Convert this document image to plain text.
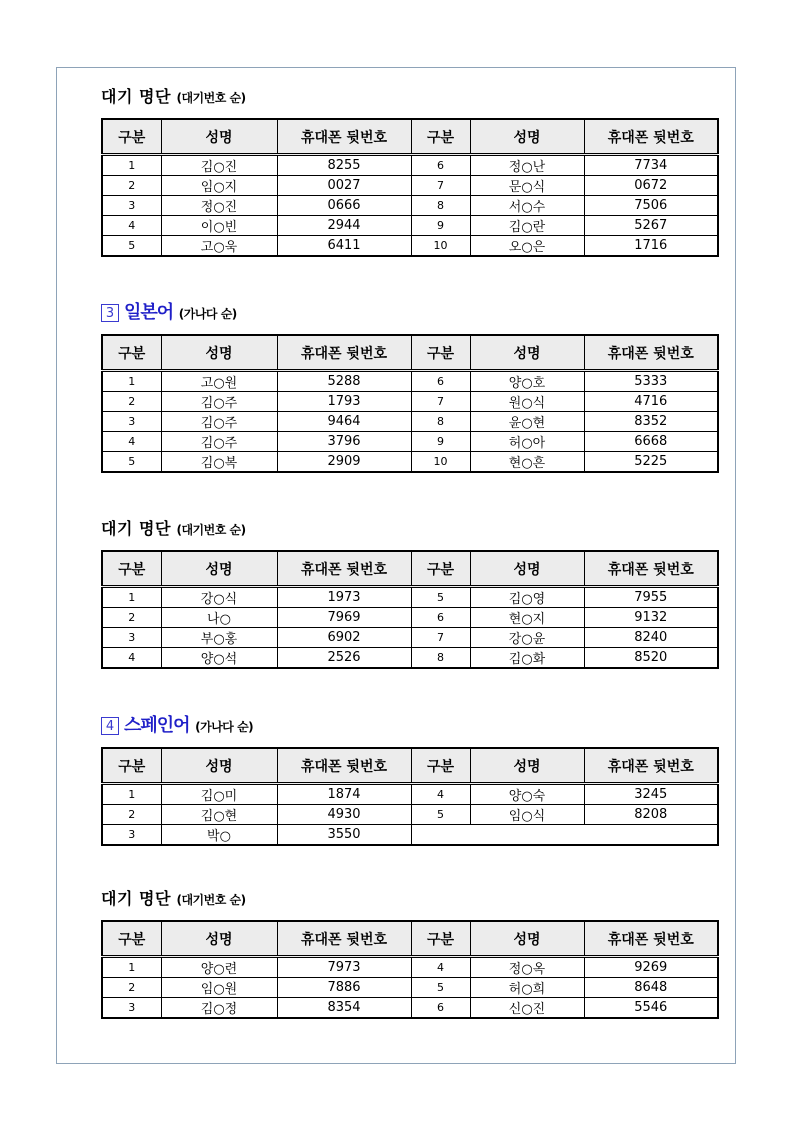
대기 명단 (대기번호 순)
구분	성명	휴대폰 뒷번호	구분	성명	휴대폰 뒷번호
1	김○진	8255	6	정○난	7734
2	임○지	0027	7	문○식	0672
3	정○진	0666	8	서○수	7506
4	이○빈	2944	9	김○란	5267
5	고○욱	6411	10	오○은	1716
3 일본어 (가나다 순)
구분	성명	휴대폰 뒷번호	구분	성명	휴대폰 뒷번호
1	고○원	5288	6	양○호	5333
2	김○주	1793	7	원○식	4716
3	김○주	9464	8	윤○현	8352
4	김○주	3796	9	허○아	6668
5	김○복	2909	10	현○흔	5225
대기 명단 (대기번호 순)
구분	성명	휴대폰 뒷번호	구분	성명	휴대폰 뒷번호
1	강○식	1973	5	김○영	7955
2	나○	7969	6	현○지	9132
3	부○홍	6902	7	강○윤	8240
4	양○석	2526	8	김○화	8520
4 스페인어 (가나다 순)
구분	성명	휴대폰 뒷번호	구분	성명	휴대폰 뒷번호
1	김○미	1874	4	양○숙	3245
2	김○현	4930	5	임○식	8208
3	박○	3550			
대기 명단 (대기번호 순)
구분	성명	휴대폰 뒷번호	구분	성명	휴대폰 뒷번호
1	양○련	7973	4	정○옥	9269
2	임○원	7886	5	허○희	8648
3	김○정	8354	6	신○진	5546
